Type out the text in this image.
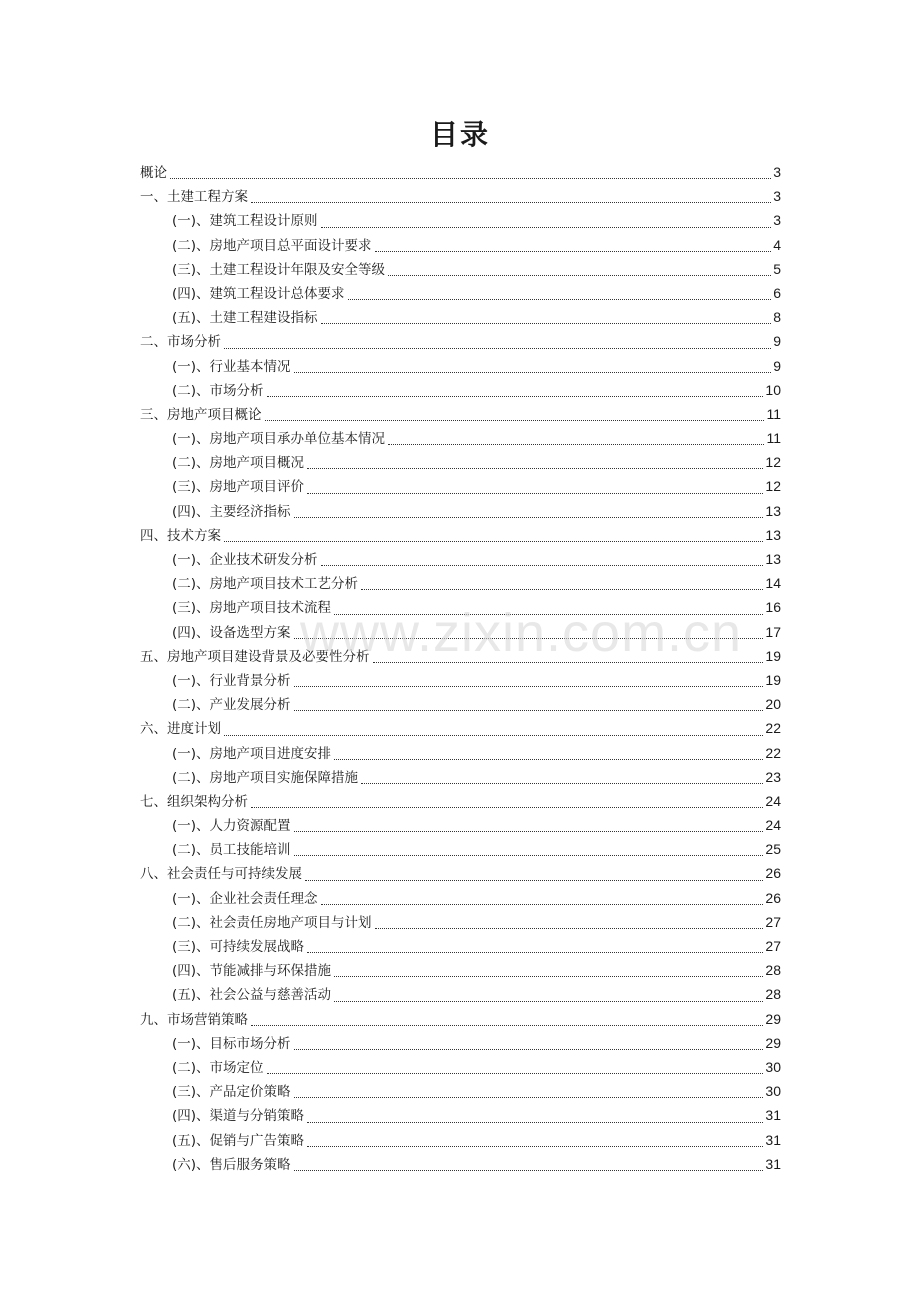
目录
概论	3
一、土建工程方案	3
(一)、建筑工程设计原则	3
(二)、房地产项目总平面设计要求	4
(三)、土建工程设计年限及安全等级	5
(四)、建筑工程设计总体要求	6
(五)、土建工程建设指标	8
二、市场分析	9
(一)、行业基本情况	9
(二)、市场分析	10
三、房地产项目概论	11
(一)、房地产项目承办单位基本情况	11
(二)、房地产项目概况	12
(三)、房地产项目评价	12
(四)、主要经济指标	13
四、技术方案	13
(一)、企业技术研发分析	13
(二)、房地产项目技术工艺分析	14
(三)、房地产项目技术流程	16
(四)、设备选型方案	17
五、房地产项目建设背景及必要性分析	19
(一)、行业背景分析	19
(二)、产业发展分析	20
六、进度计划	22
(一)、房地产项目进度安排	22
(二)、房地产项目实施保障措施	23
七、组织架构分析	24
(一)、人力资源配置	24
(二)、员工技能培训	25
八、社会责任与可持续发展	26
(一)、企业社会责任理念	26
(二)、社会责任房地产项目与计划	27
(三)、可持续发展战略	27
(四)、节能减排与环保措施	28
(五)、社会公益与慈善活动	28
九、市场营销策略	29
(一)、目标市场分析	29
(二)、市场定位	30
(三)、产品定价策略	30
(四)、渠道与分销策略	31
(五)、促销与广告策略	31
(六)、售后服务策略	31
www.zixin.com.cn
